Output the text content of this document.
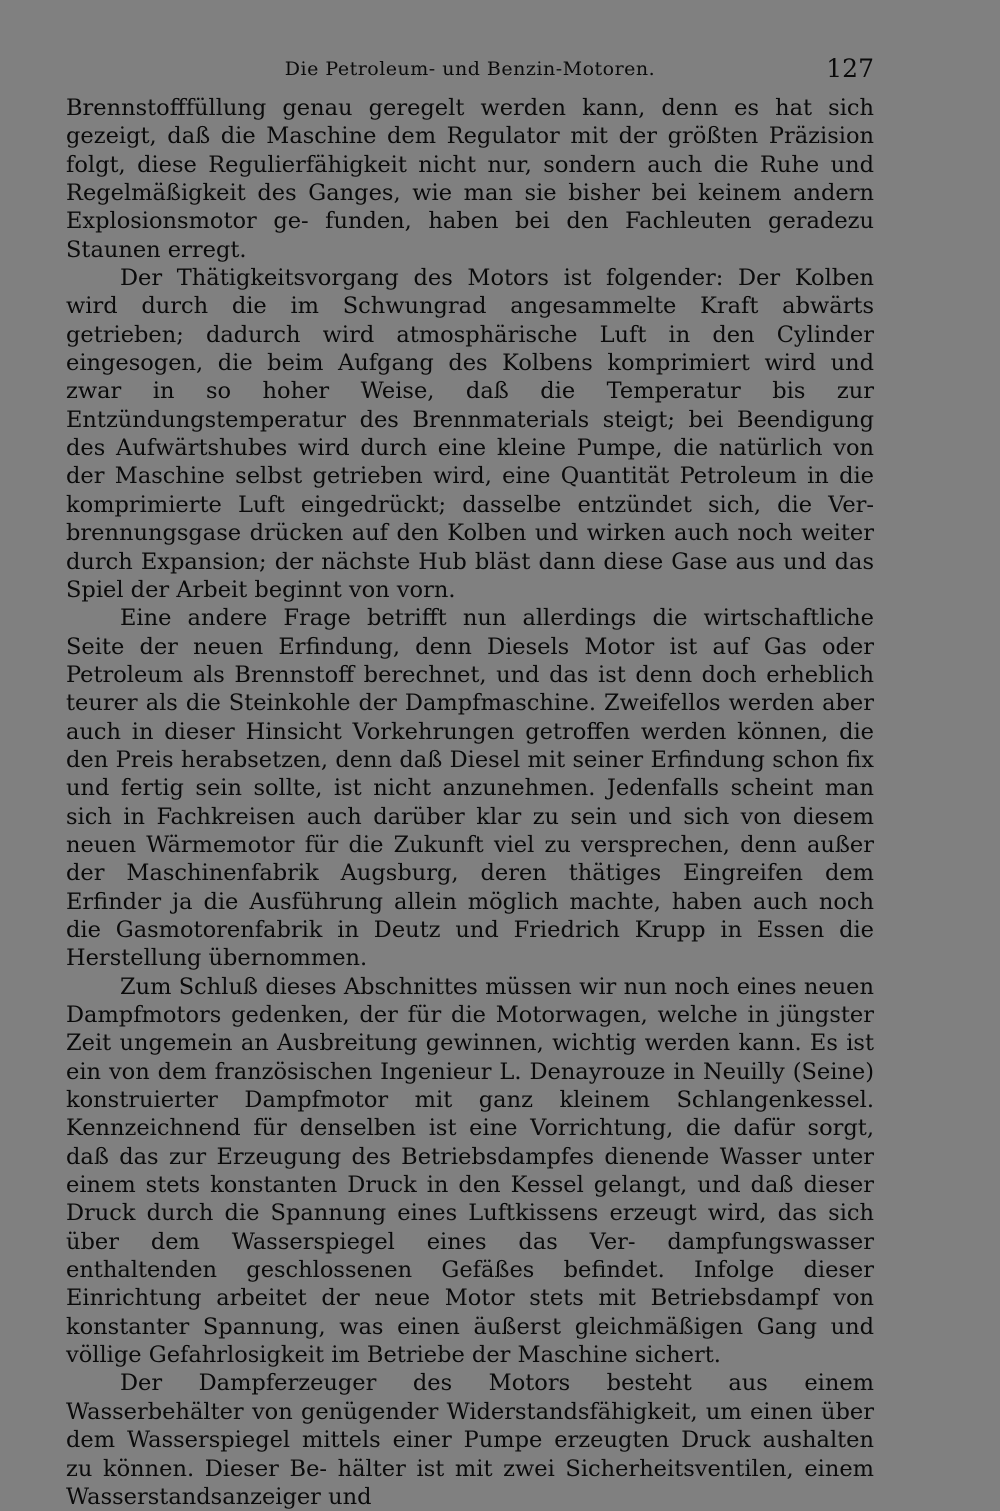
Die Petroleum- und Benzin-Motoren.	127

Brennstofffüllung genau geregelt werden kann, denn es hat sich gezeigt, daß die Maschine dem Regulator mit der größten Präzision folgt, diese Regulierfähigkeit nicht nur, sondern auch die Ruhe und Regelmäßigkeit des Ganges, wie man sie bisher bei keinem andern Explosionsmotor ge- funden, haben bei den Fachleuten geradezu Staunen erregt.

Der Thätigkeitsvorgang des Motors ist folgender: Der Kolben wird durch die im Schwungrad angesammelte Kraft abwärts getrieben; dadurch wird atmosphärische Luft in den Cylinder eingesogen, die beim Aufgang des Kolbens komprimiert wird und zwar in so hoher Weise, daß die Temperatur bis zur Entzündungstemperatur des Brennmaterials steigt; bei Beendigung des Aufwärtshubes wird durch eine kleine Pumpe, die natürlich von der Maschine selbst getrieben wird, eine Quantität Petroleum in die komprimierte Luft eingedrückt; dasselbe entzündet sich, die Ver- brennungsgase drücken auf den Kolben und wirken auch noch weiter durch Expansion; der nächste Hub bläst dann diese Gase aus und das Spiel der Arbeit beginnt von vorn.

Eine andere Frage betrifft nun allerdings die wirtschaftliche Seite der neuen Erfindung, denn Diesels Motor ist auf Gas oder Petroleum als Brennstoff berechnet, und das ist denn doch erheblich teurer als die Steinkohle der Dampfmaschine. Zweifellos werden aber auch in dieser Hinsicht Vorkehrungen getroffen werden können, die den Preis herabsetzen, denn daß Diesel mit seiner Erfindung schon fix und fertig sein sollte, ist nicht anzunehmen. Jedenfalls scheint man sich in Fachkreisen auch darüber klar zu sein und sich von diesem neuen Wärmemotor für die Zukunft viel zu versprechen, denn außer der Maschinenfabrik Augsburg, deren thätiges Eingreifen dem Erfinder ja die Ausführung allein möglich machte, haben auch noch die Gasmotorenfabrik in Deutz und Friedrich Krupp in Essen die Herstellung übernommen.

Zum Schluß dieses Abschnittes müssen wir nun noch eines neuen Dampfmotors gedenken, der für die Motorwagen, welche in jüngster Zeit ungemein an Ausbreitung gewinnen, wichtig werden kann. Es ist ein von dem französischen Ingenieur L. Denayrouze in Neuilly (Seine) konstruierter Dampfmotor mit ganz kleinem Schlangenkessel. Kennzeichnend für denselben ist eine Vorrichtung, die dafür sorgt, daß das zur Erzeugung des Betriebsdampfes dienende Wasser unter einem stets konstanten Druck in den Kessel gelangt, und daß dieser Druck durch die Spannung eines Luftkissens erzeugt wird, das sich über dem Wasserspiegel eines das Ver- dampfungswasser enthaltenden geschlossenen Gefäßes befindet. Infolge dieser Einrichtung arbeitet der neue Motor stets mit Betriebsdampf von konstanter Spannung, was einen äußerst gleichmäßigen Gang und völlige Gefahrlosigkeit im Betriebe der Maschine sichert.

Der Dampferzeuger des Motors besteht aus einem Wasserbehälter von genügender Widerstandsfähigkeit, um einen über dem Wasserspiegel mittels einer Pumpe erzeugten Druck aushalten zu können. Dieser Be- hälter ist mit zwei Sicherheitsventilen, einem Wasserstandsanzeiger und
